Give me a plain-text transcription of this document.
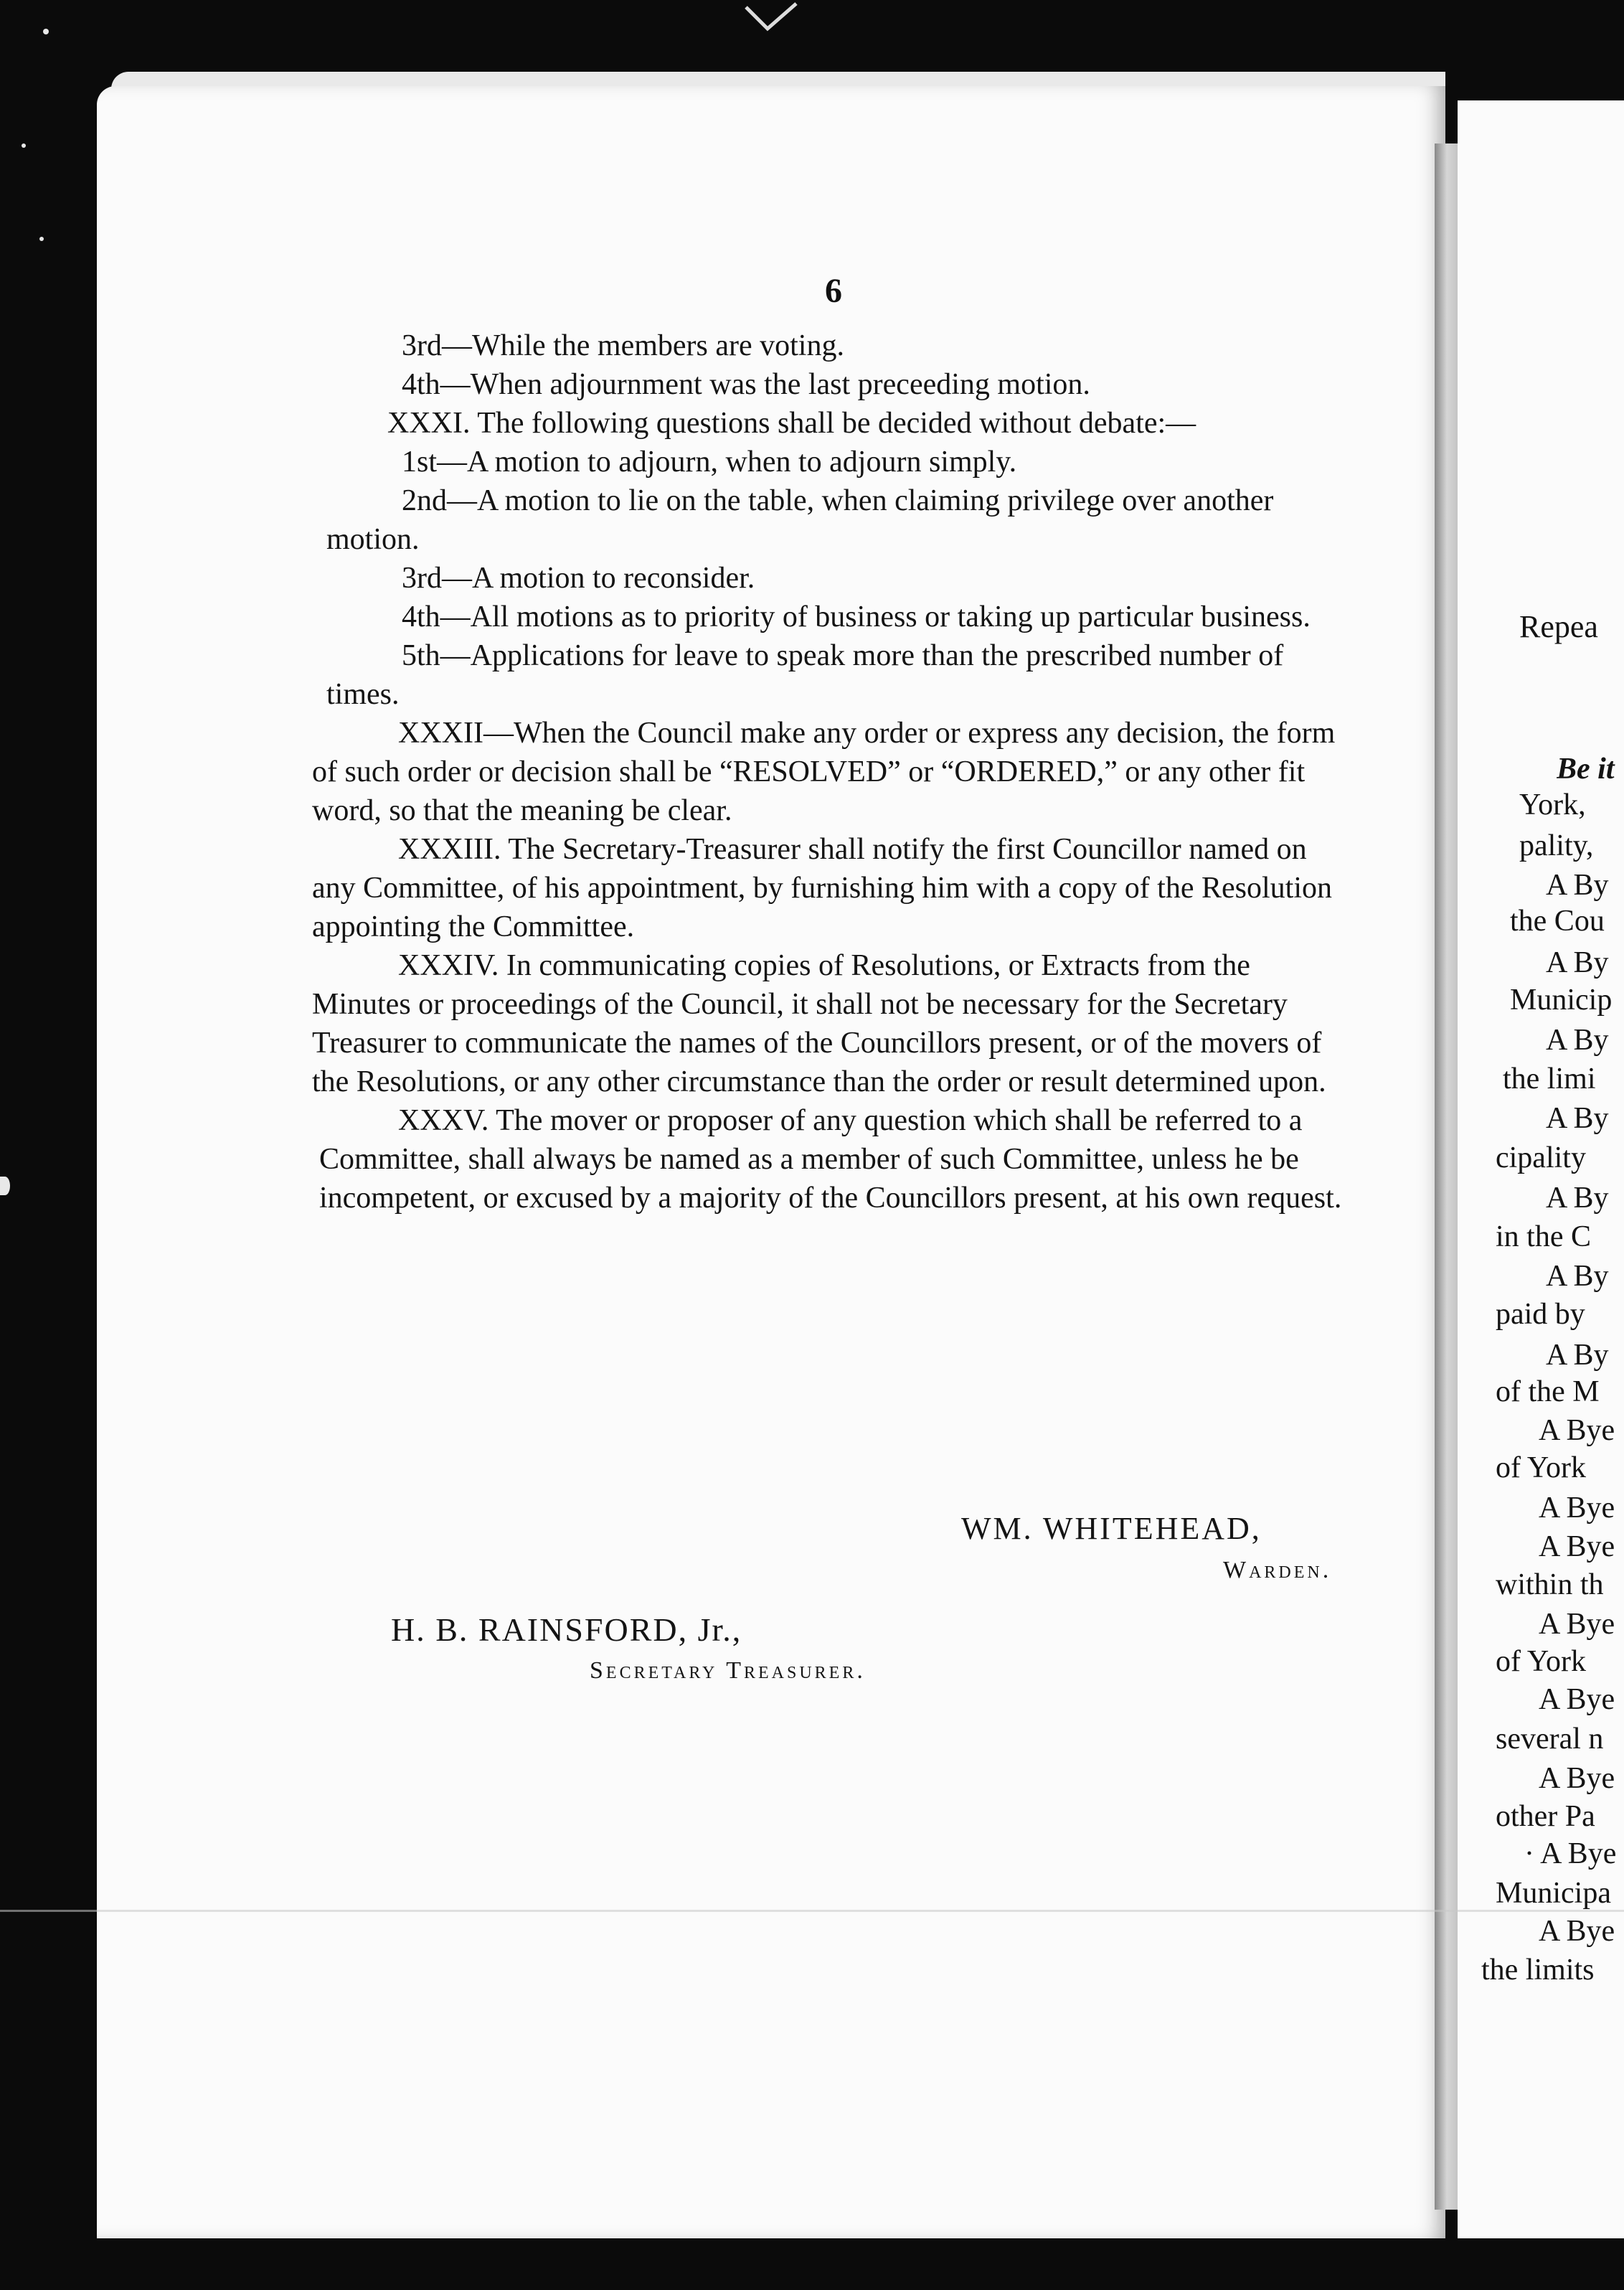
6

3rd—While the members are voting.

4th—When adjournment was the last preceeding motion.

XXXI. The following questions shall be decided without debate:—

1st—A motion to adjourn, when to adjourn simply.

2nd—A motion to lie on the table, when claiming privilege over another motion.

3rd—A motion to reconsider.

4th—All motions as to priority of business or taking up particular business.

5th—Applications for leave to speak more than the prescribed number of times.

XXXII—When the Council make any order or express any decision, the form of such order or decision shall be “RESOLVED” or “ORDERED,” or any other fit word, so that the meaning be clear.

XXXIII. The Secretary-Treasurer shall notify the first Councillor named on any Committee, of his appointment, by furnishing him with a copy of the Resolution appointing the Committee.

XXXIV. In communicating copies of Resolutions, or Extracts from the Minutes or proceedings of the Council, it shall not be necessary for the Secretary Treasurer to communicate the names of the Councillors present, or of the movers of the Resolutions, or any other circumstance than the order or result determined upon.

XXXV. The mover or proposer of any question which shall be referred to a Committee, shall always be named as a member of such Committee, unless he be incompetent, or excused by a majority of the Councillors present, at his own request.

WM. WHITEHEAD,
Warden.
H. B. RAINSFORD, Jr.,
Secretary Treasurer.
Repea
Be it
York,
pality,
A By
the Cou
A By
Municip
A By
the limi
A By
cipality
A By
in the C
A By
paid by
A By
of the M
A Bye
of York
A Bye
A Bye
within th
A Bye
of York
A Bye
several n
A Bye
other Pa
· A Bye
Municipa
A Bye
the limits
